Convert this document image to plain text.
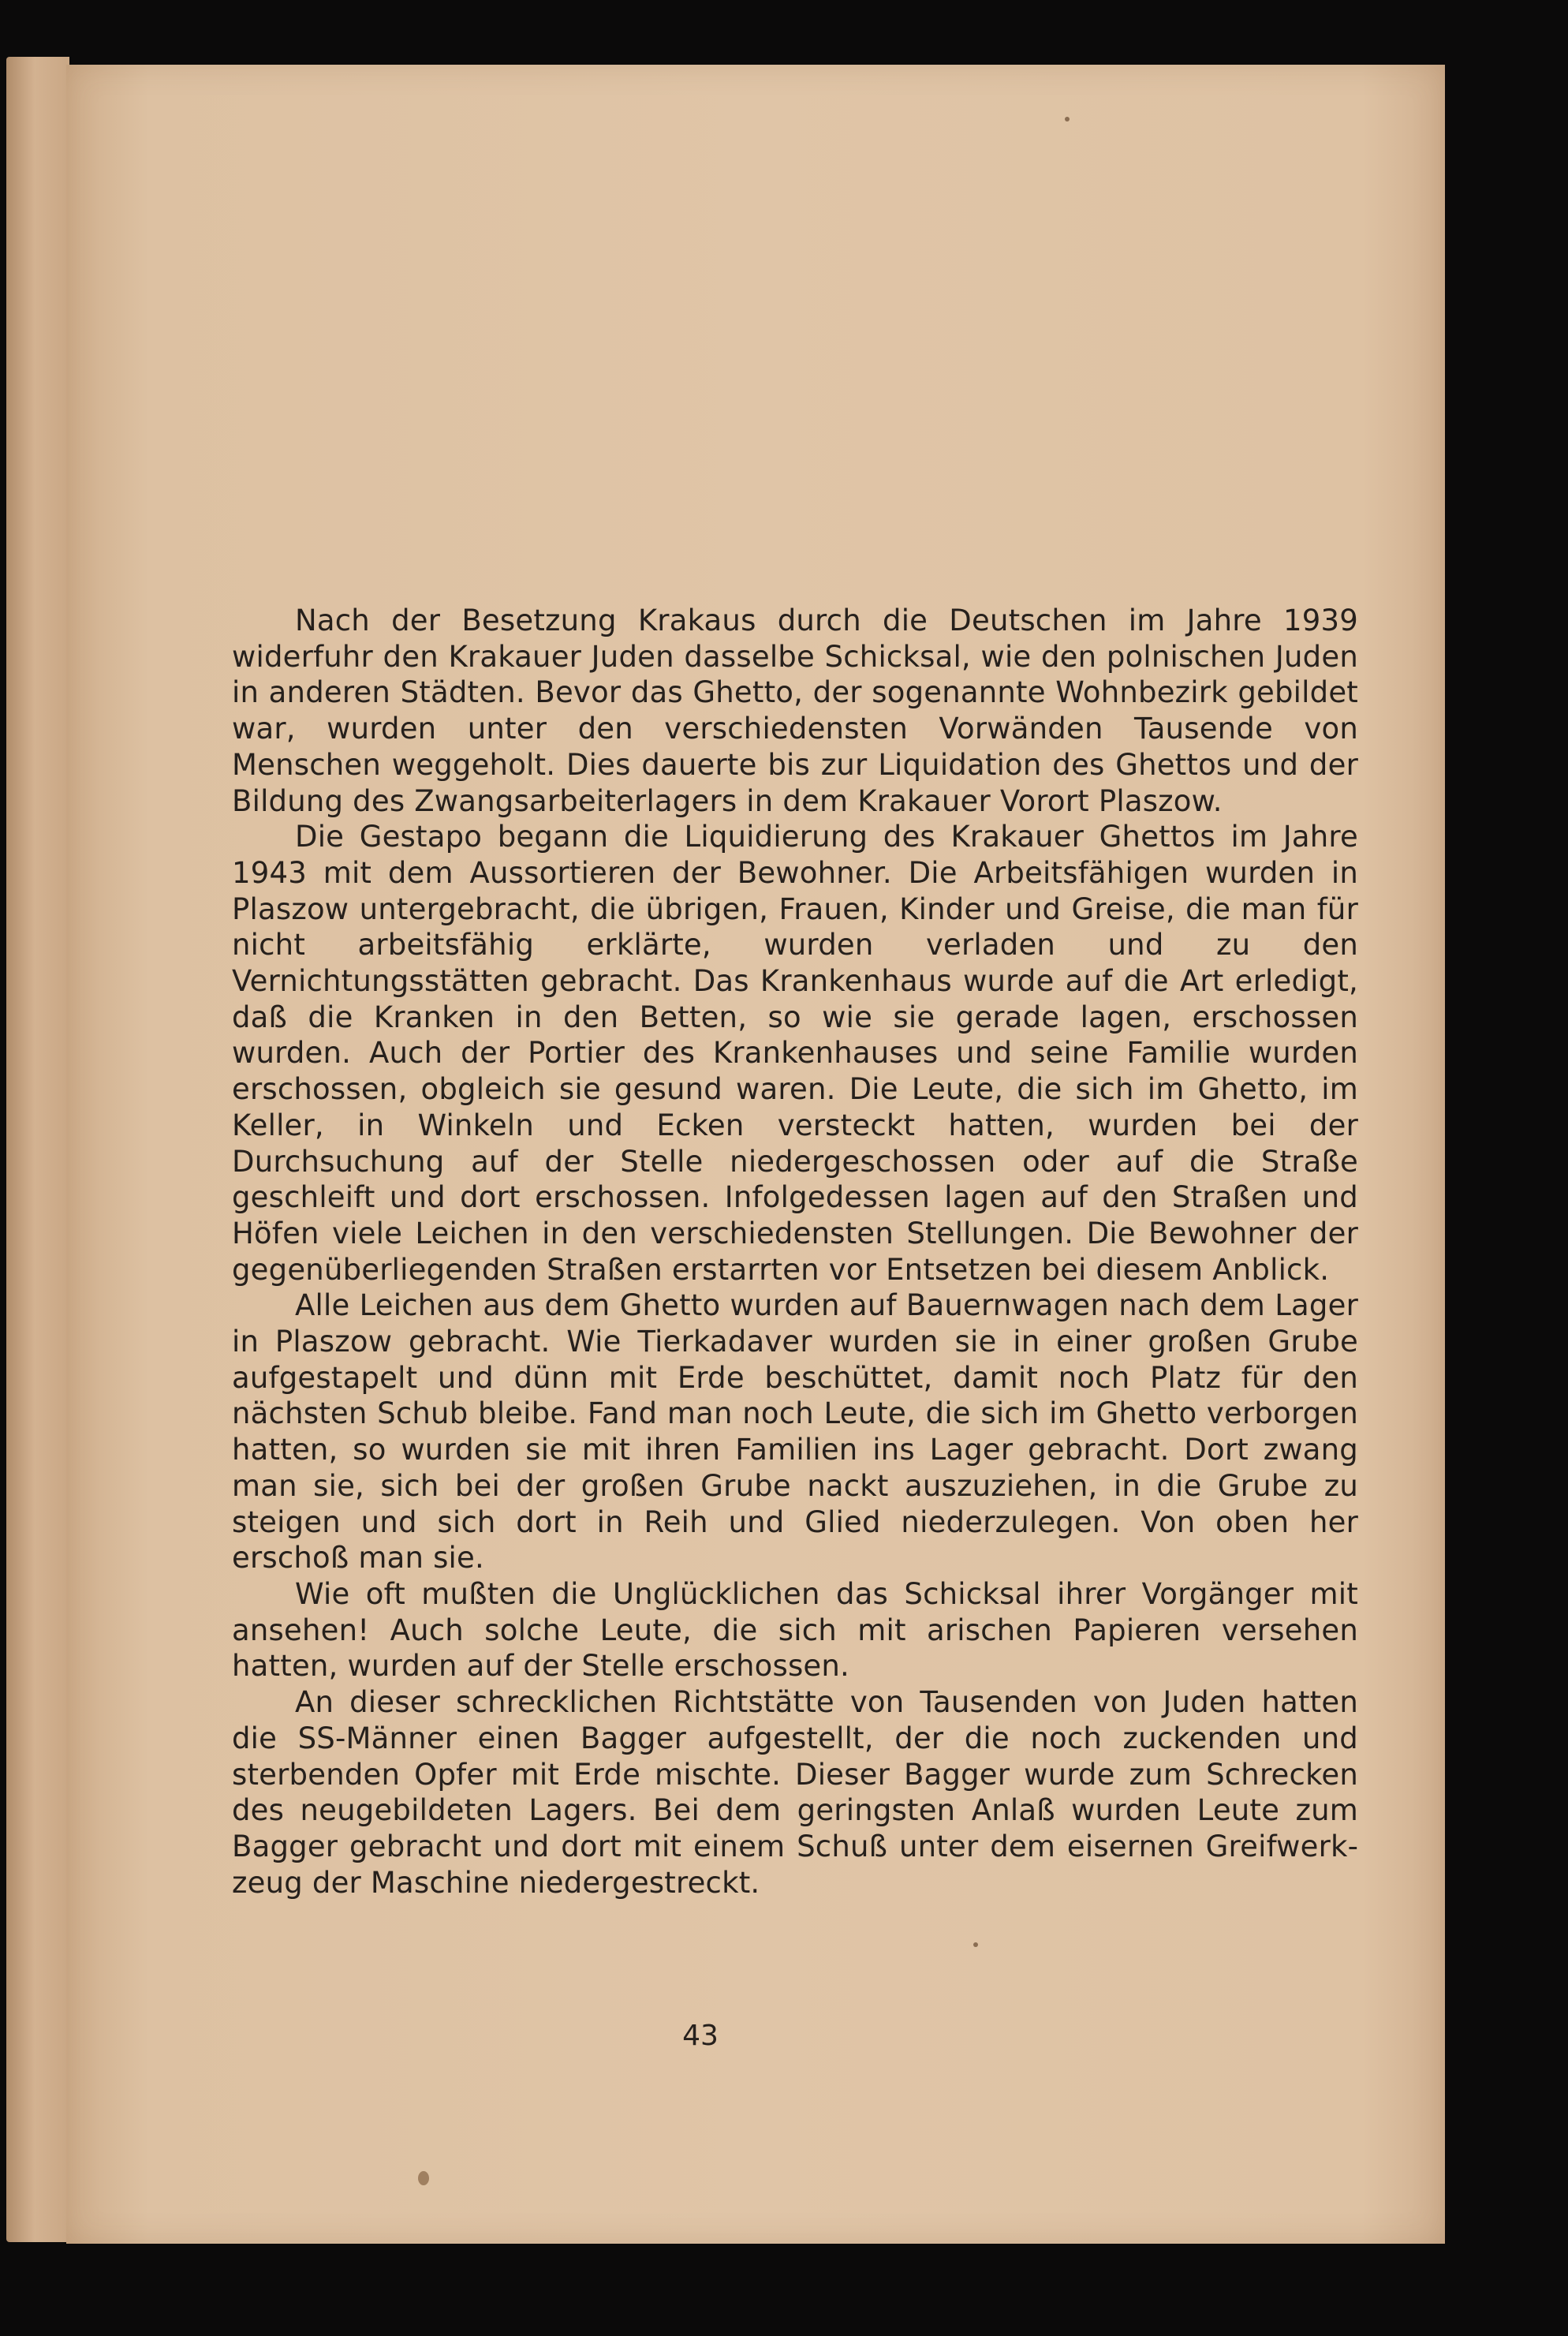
Nach der Besetzung Krakaus durch die Deutschen im Jahre 1939 widerfuhr den Krakauer Juden dasselbe Schicksal, wie den polnischen Juden in anderen Städten. Bevor das Ghetto, der sogenannte Wohnbezirk gebildet war, wurden unter den verschiedensten Vorwänden Tausende von Menschen weggeholt. Dies dauerte bis zur Liquidation des Ghettos und der Bildung des Zwangsarbeiterlagers in dem Krakauer Vorort Plaszow.

Die Gestapo begann die Liquidierung des Krakauer Ghettos im Jahre 1943 mit dem Aussortieren der Bewohner. Die Arbeitsfähigen wurden in Plaszow untergebracht, die übrigen, Frauen, Kinder und Greise, die man für nicht arbeitsfähig erklärte, wurden verladen und zu den Vernichtungsstätten gebracht. Das Krankenhaus wurde auf die Art erledigt, daß die Kranken in den Betten, so wie sie gerade lagen, erschossen wurden. Auch der Portier des Krankenhauses und seine Familie wurden erschossen, obgleich sie gesund waren. Die Leute, die sich im Ghetto, im Keller, in Winkeln und Ecken versteckt hatten, wurden bei der Durchsuchung auf der Stelle niedergeschossen oder auf die Straße geschleift und dort erschossen. Infolgedessen lagen auf den Straßen und Höfen viele Leichen in den verschiedensten Stellungen. Die Bewohner der gegenüberliegenden Straßen erstarrten vor Entsetzen bei diesem Anblick.

Alle Leichen aus dem Ghetto wurden auf Bauernwagen nach dem Lager in Plaszow gebracht. Wie Tierkadaver wurden sie in einer großen Grube aufgestapelt und dünn mit Erde beschüttet, damit noch Platz für den nächsten Schub bleibe. Fand man noch Leute, die sich im Ghetto verborgen hatten, so wurden sie mit ihren Familien ins Lager gebracht. Dort zwang man sie, sich bei der großen Grube nackt auszuziehen, in die Grube zu steigen und sich dort in Reih und Glied niederzulegen. Von oben her erschoß man sie.

Wie oft mußten die Unglücklichen das Schicksal ihrer Vorgänger mit ansehen! Auch solche Leute, die sich mit arischen Papieren versehen hatten, wurden auf der Stelle erschossen.

An dieser schrecklichen Richtstätte von Tausenden von Juden hatten die SS-Männer einen Bagger aufgestellt, der die noch zuckenden und sterbenden Opfer mit Erde mischte. Dieser Bagger wurde zum Schrecken des neugebildeten Lagers. Bei dem geringsten Anlaß wurden Leute zum Bagger gebracht und dort mit einem Schuß unter dem eisernen Greifwerkzeug der Maschine niedergestreckt.

43
